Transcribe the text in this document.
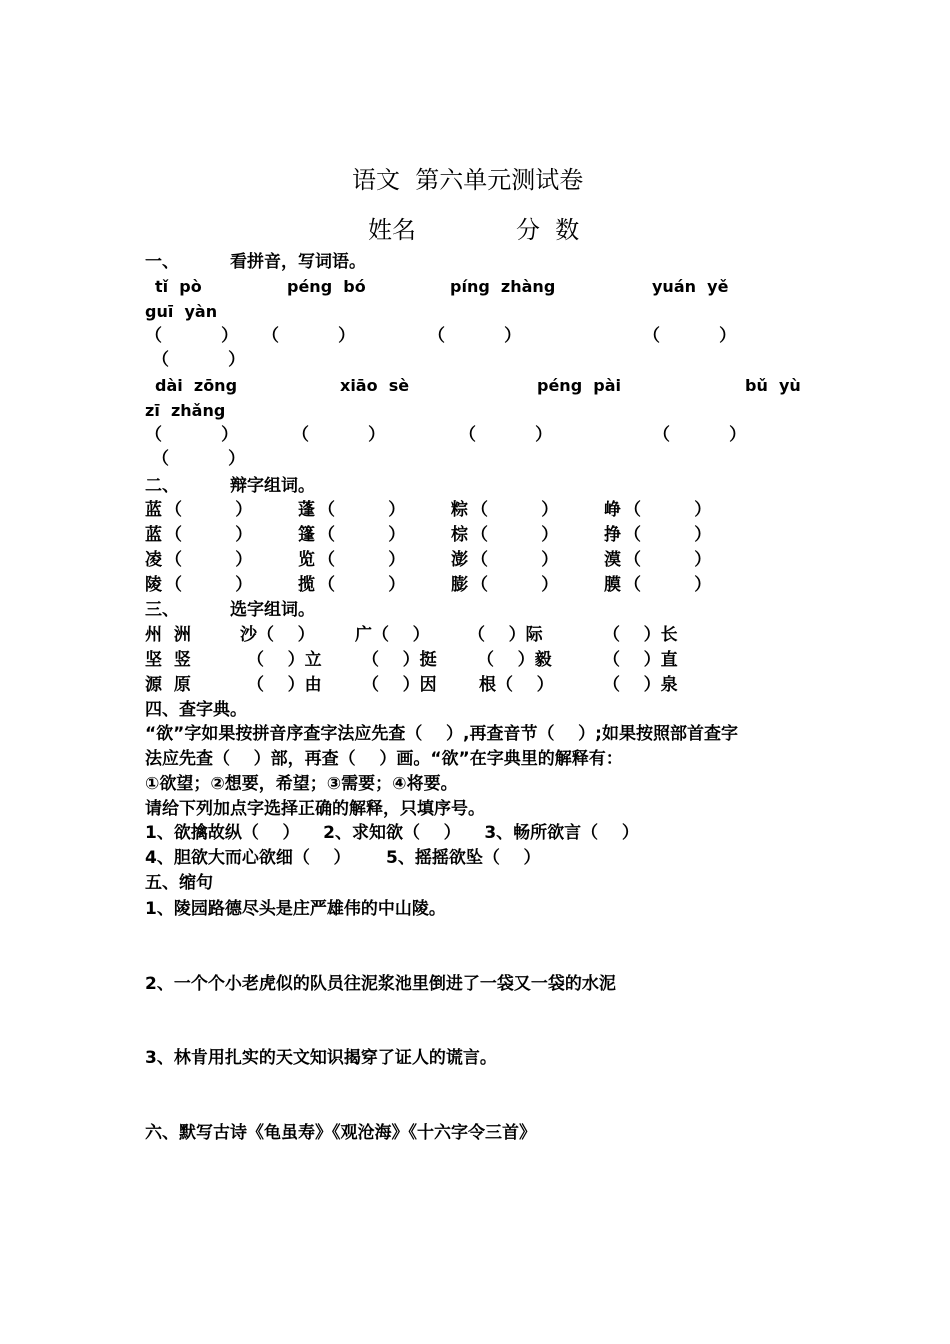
语文  第六单元测试卷
姓名	分  数
一、	看拼音，写词语。
tǐ  pò	péng  bó	píng  zhàng	yuán  yě
guī  yàn
（          ） （          ）	（          ）	（          ）
（          ）
dài  zōng	xiāo  sè	péng  pài	bǔ  yù
zī  zhǎng
（          ）	（          ）	（          ）	（          ）
（          ）
二、	辩字组词。
蓝 （         ）	蓬 （         ）	粽 （         ）	峥 （         ）
蓝 （         ）	篷 （         ）	棕 （         ）	挣 （         ）
凌 （         ）	览 （         ）	澎 （         ）	漠 （         ）
陵 （         ）	揽 （         ）	膨 （         ）	膜 （         ）
三、	选字组词。
州  洲	沙（    ） 广（    ） （    ）际	（    ）长
坚  竖	（    ）立 （    ）挺 （    ）毅	（    ）直
源  原	（    ）由 （    ）因 根（    ）	（    ）泉
四、查字典。
“欲”字如果按拼音序查字法应先查（    ）,再查音节（    ）;如果按照部首查字
法应先查（    ）部，再查（    ）画。“欲”在字典里的解释有：
①欲望；②想要，希望；③需要；④将要。
请给下列加点字选择正确的解释，只填序号。
1、欲擒故纵（    ）    2、求知欲（    ）    3、畅所欲言（    ）
4、胆欲大而心欲细（    ）      5、摇摇欲坠（    ）
五、缩句
1、陵园路德尽头是庄严雄伟的中山陵。
2、一个个小老虎似的队员往泥浆池里倒进了一袋又一袋的水泥
3、林肯用扎实的天文知识揭穿了证人的谎言。
六、默写古诗《龟虽寿》《观沧海》《十六字令三首》
